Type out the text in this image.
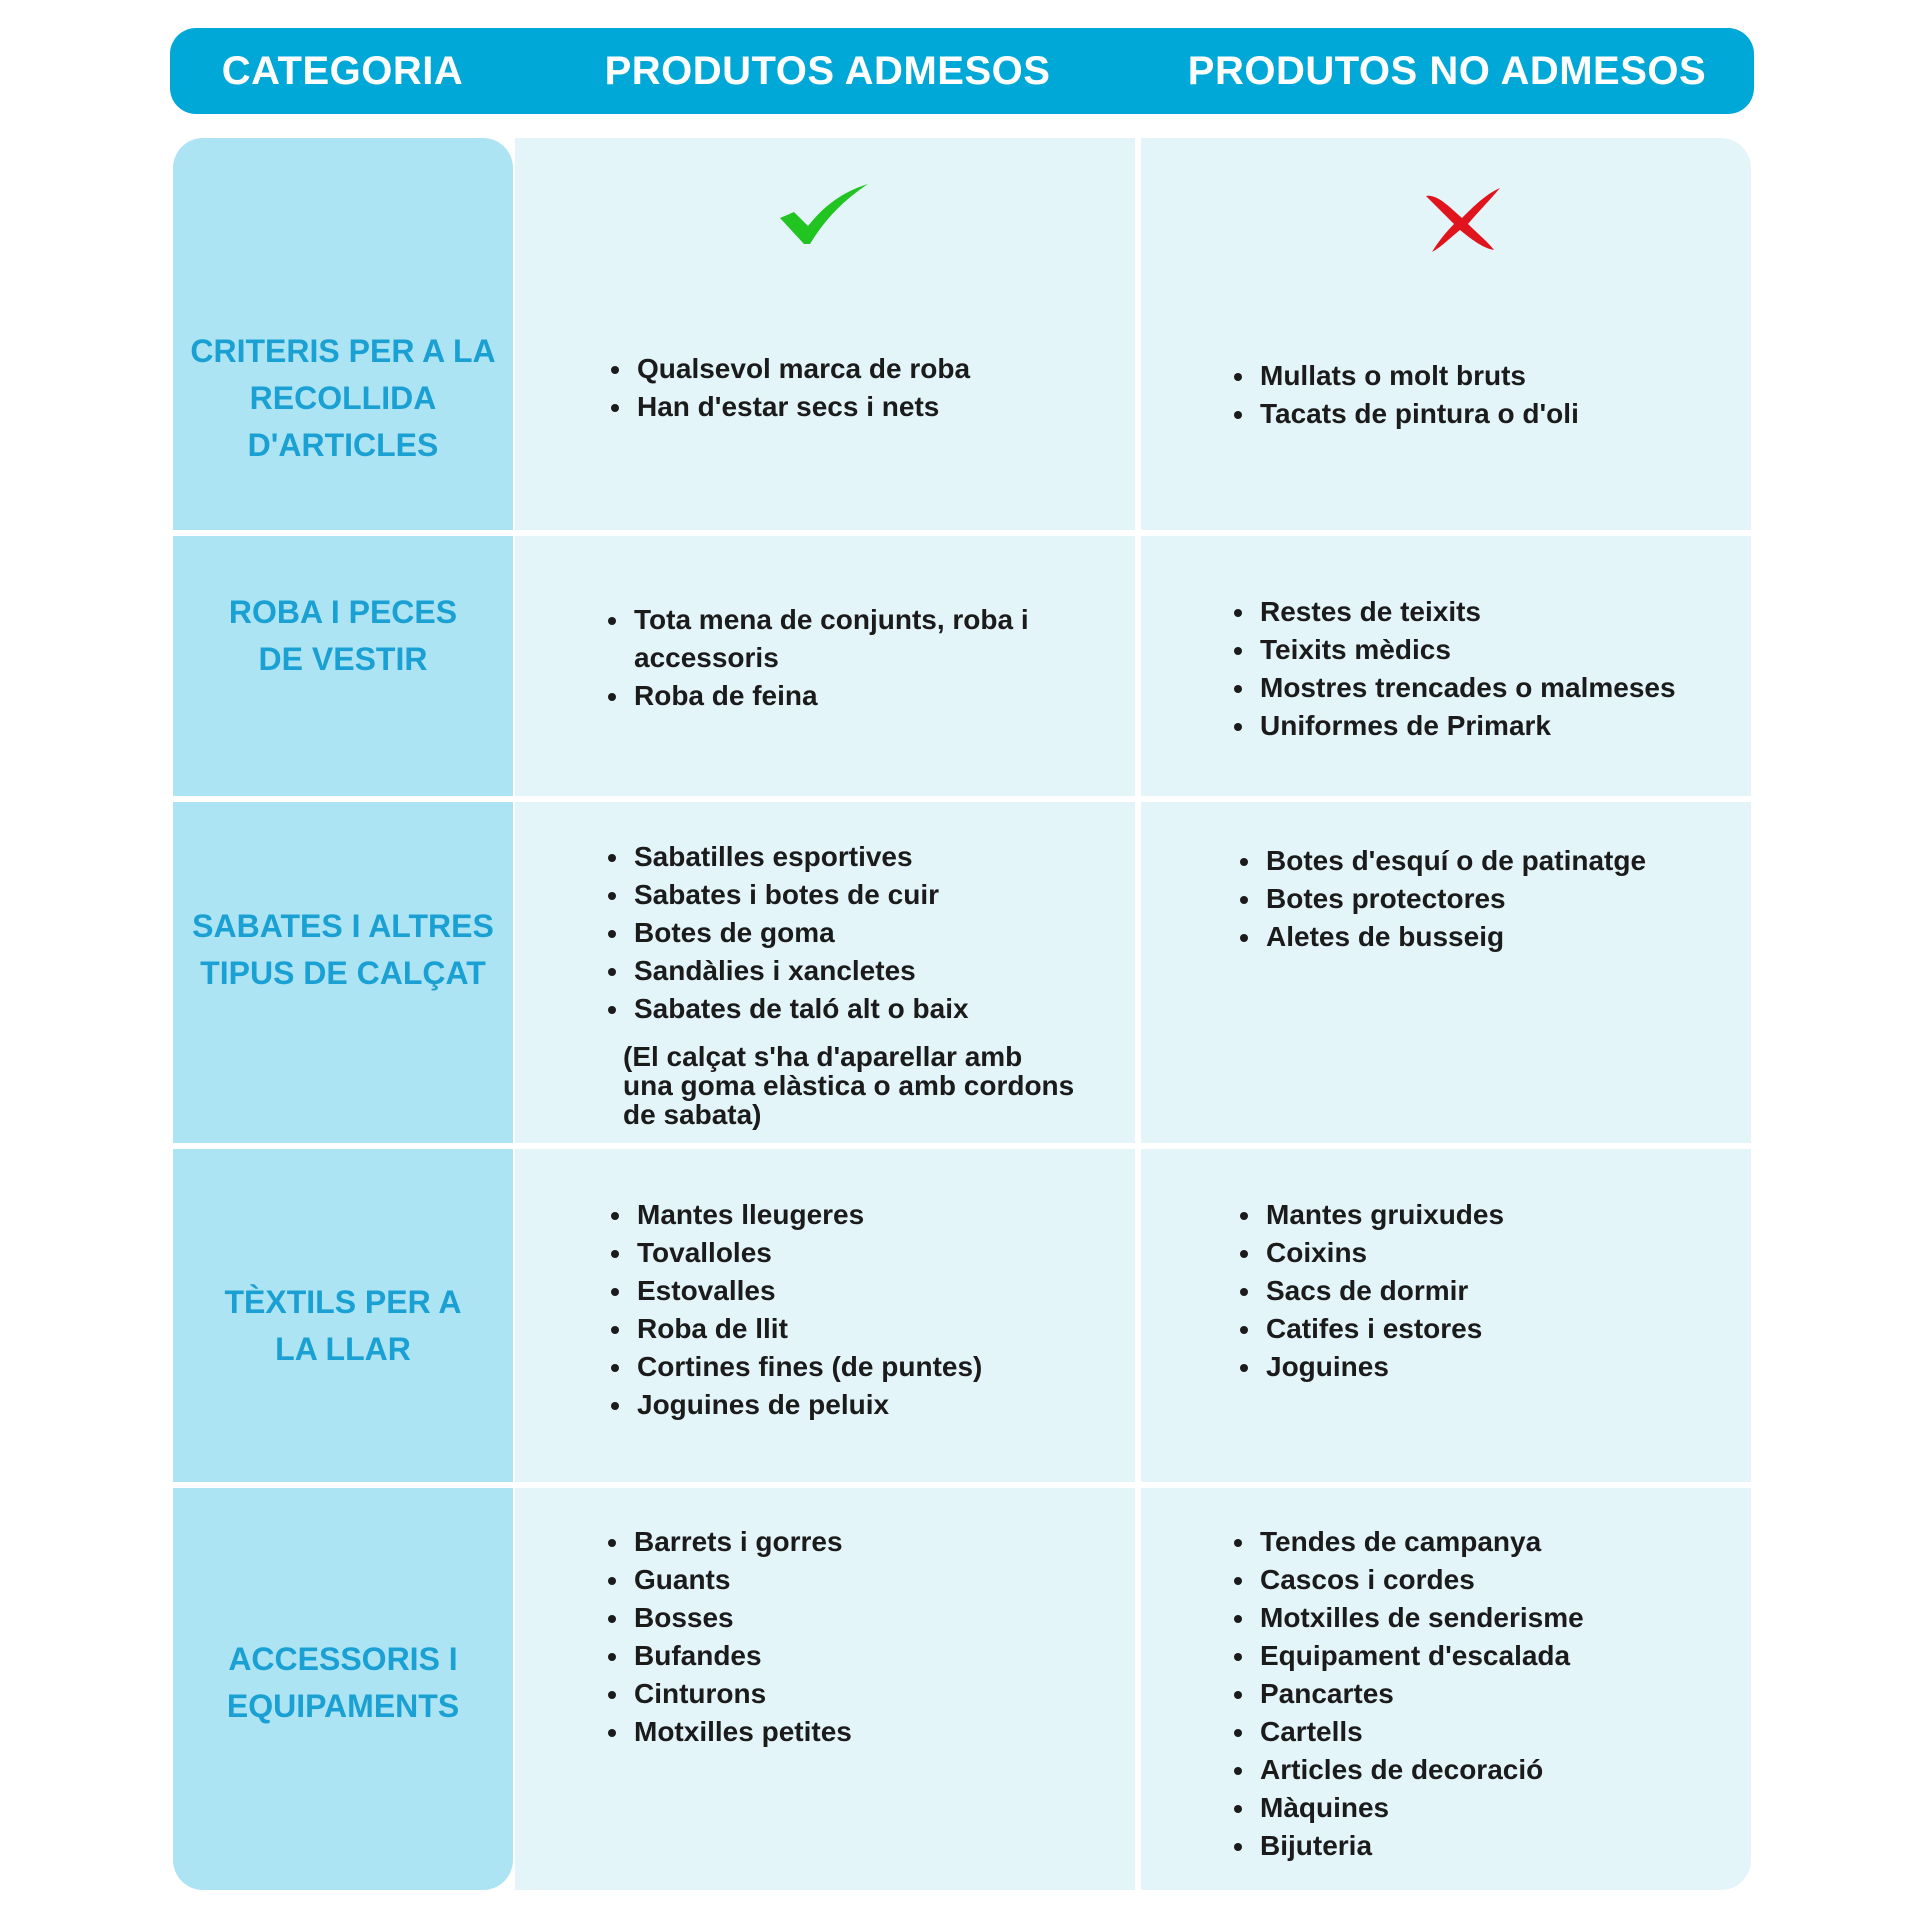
CATEGORIA	PRODUTOS ADMESOS	PRODUTOS NO ADMESOS
CRITERIS PER A LA
RECOLLIDA
D'ARTICLES
Qualsevol marca de roba
Han d'estar secs i nets
Mullats o molt bruts
Tacats de pintura o d'oli
ROBA I PECES
DE VESTIR
Tota mena de conjunts, roba i accessoris
Roba de feina
Restes de teixits
Teixits mèdics
Mostres trencades o malmeses
Uniformes de Primark
SABATES I ALTRES
TIPUS DE CALÇAT
Sabatilles esportives
Sabates i botes de cuir
Botes de goma
Sandàlies i xancletes
Sabates de taló alt o baix
(El calçat s'ha d'aparellar amb
una goma elàstica o amb cordons
de sabata)
Botes d'esquí o de patinatge
Botes protectores
Aletes de busseig
TÈXTILS PER A
LA LLAR
Mantes lleugeres
Tovalloles
Estovalles
Roba de llit
Cortines fines (de puntes)
Joguines de peluix
Mantes gruixudes
Coixins
Sacs de dormir
Catifes i estores
Joguines
ACCESSORIS I
EQUIPAMENTS
Barrets i gorres
Guants
Bosses
Bufandes
Cinturons
Motxilles petites
Tendes de campanya
Cascos i cordes
Motxilles de senderisme
Equipament d'escalada
Pancartes
Cartells
Articles de decoració
Màquines
Bijuteria
